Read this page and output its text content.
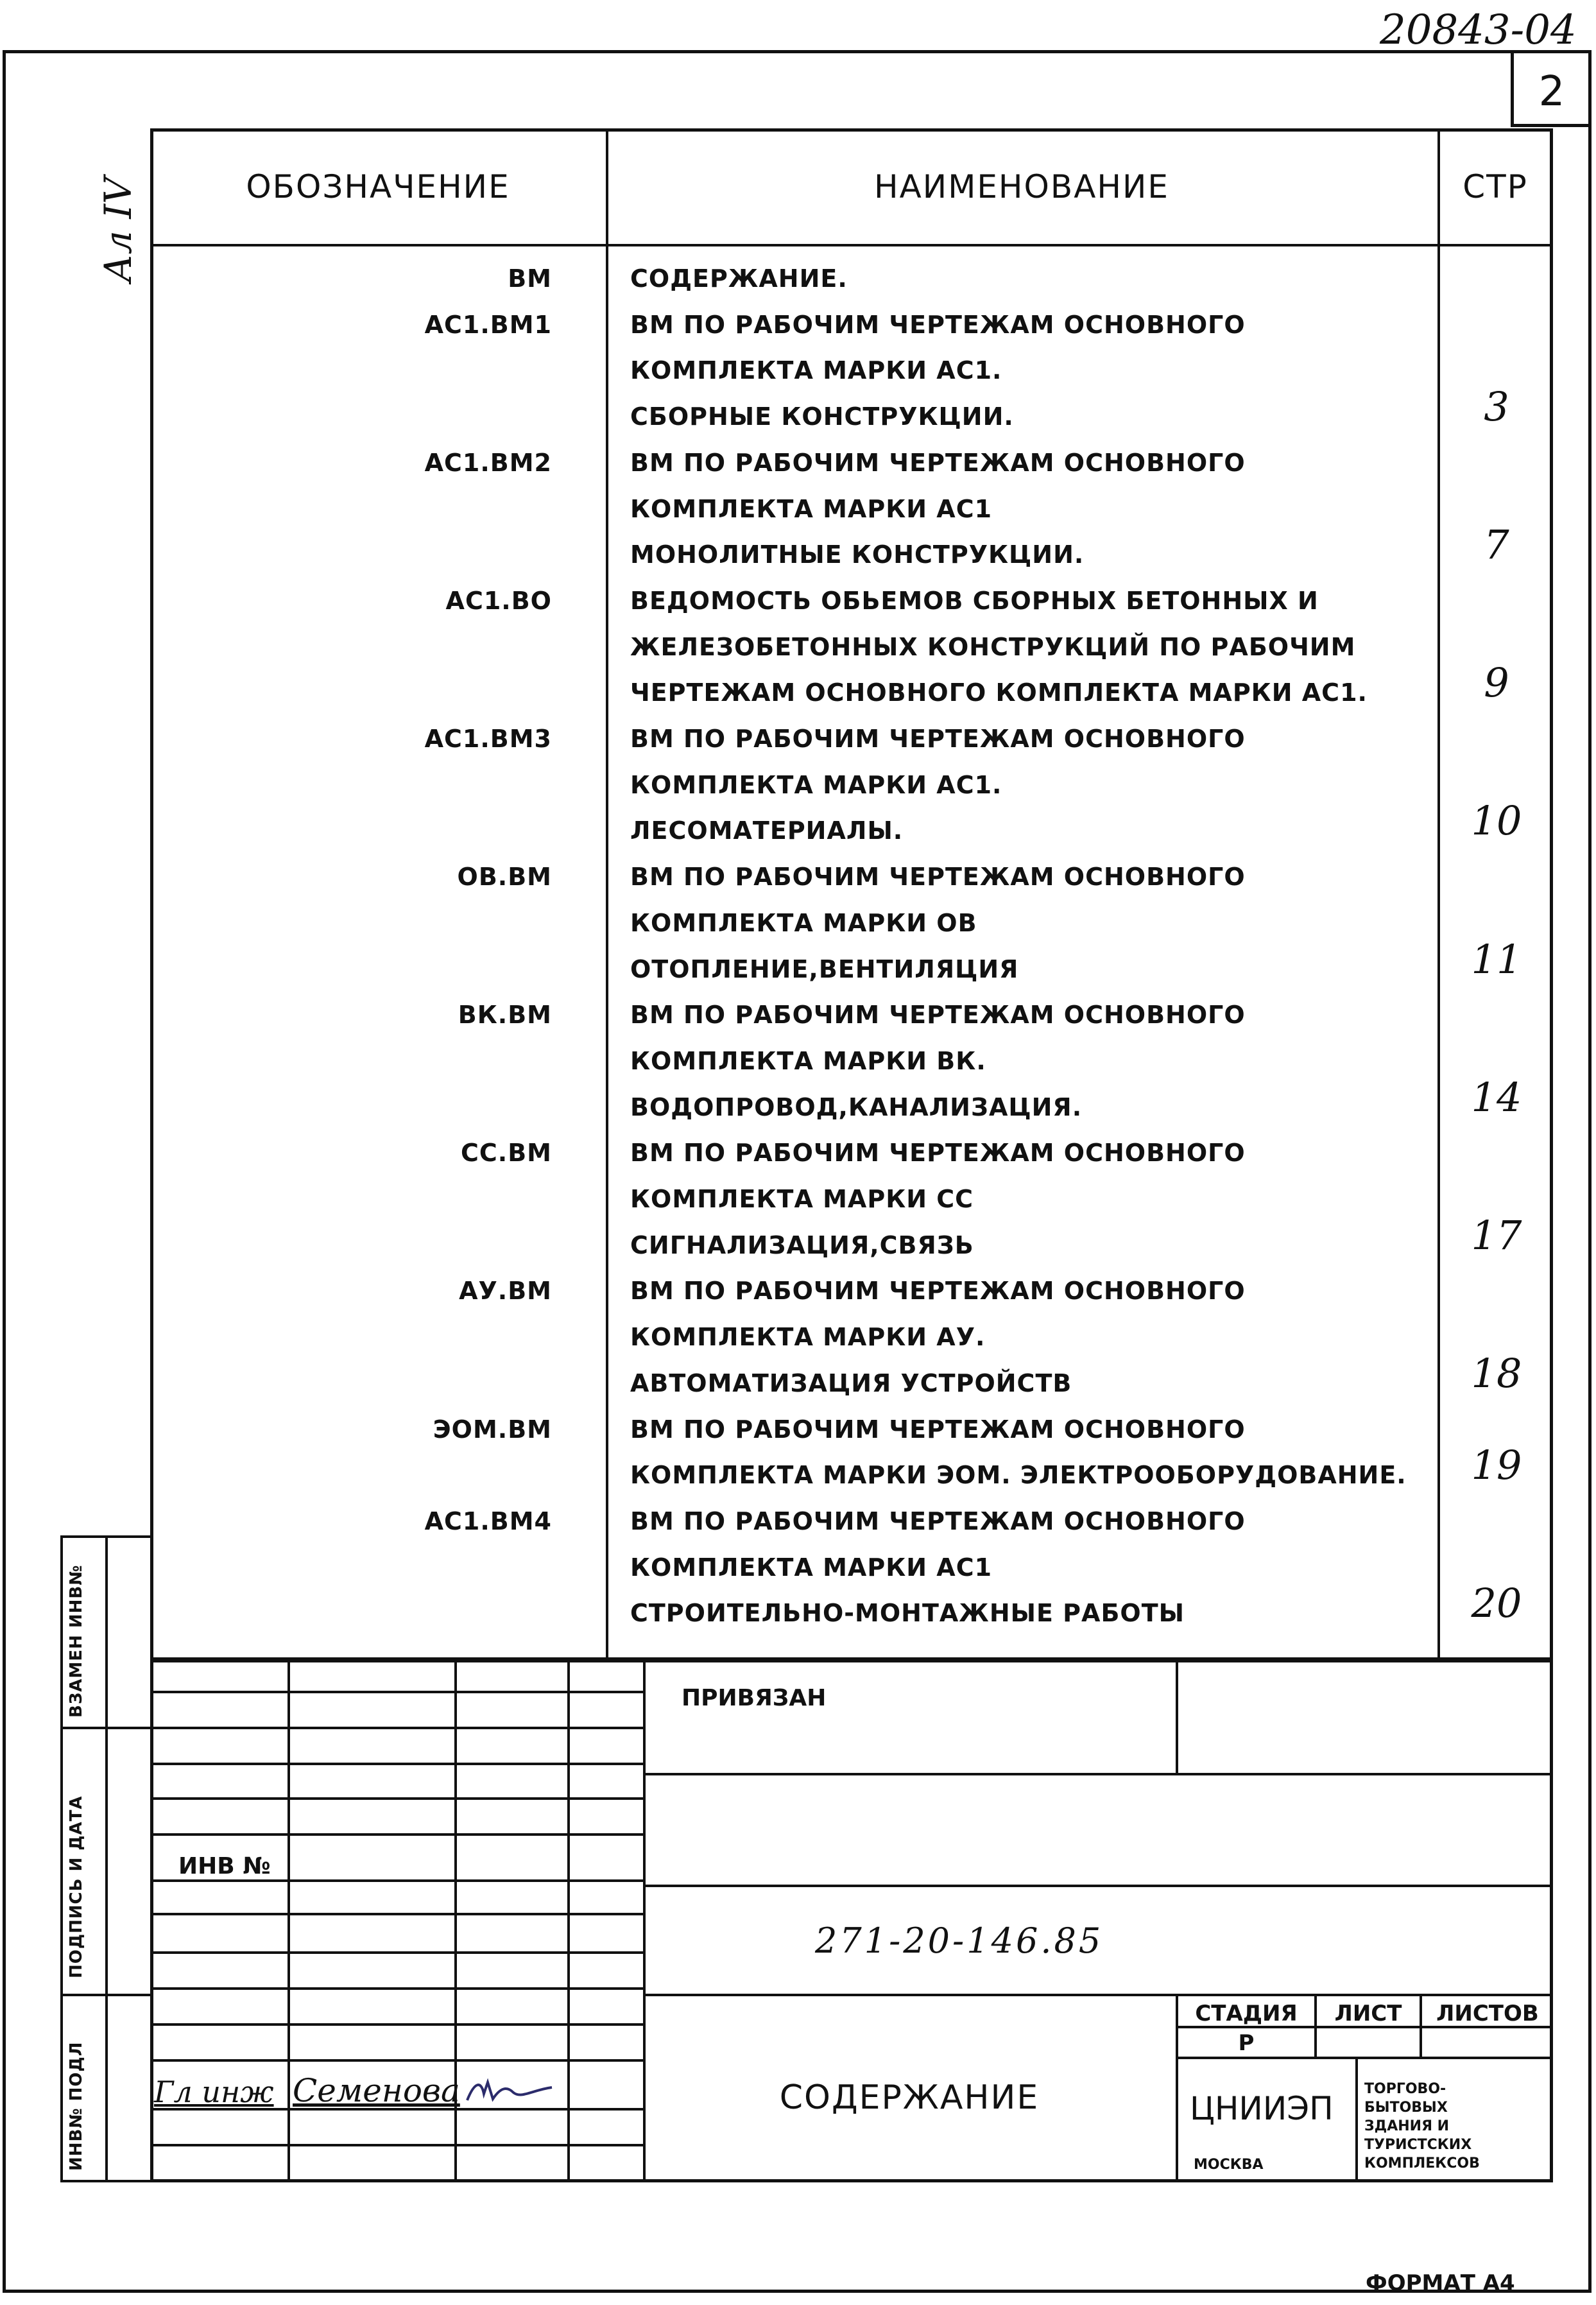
20843-04
2
Ал IV	ОБОЗНАЧЕНИЕ	НАИМЕНОВАНИЕ	СТР
ВМ	СОДЕРЖАНИЕ.
АС1.ВМ1	ВМ ПО РАБОЧИМ ЧЕРТЕЖАМ ОСНОВНОГО
КОМПЛЕКТА МАРКИ АС1.
СБОРНЫЕ КОНСТРУКЦИИ.	3
АС1.ВМ2	ВМ ПО РАБОЧИМ ЧЕРТЕЖАМ ОСНОВНОГО
КОМПЛЕКТА МАРКИ АС1
МОНОЛИТНЫЕ КОНСТРУКЦИИ.	7
АС1.ВО	ВЕДОМОСТЬ ОБЬЕМОВ СБОРНЫХ БЕТОННЫХ И
ЖЕЛЕЗОБЕТОННЫХ КОНСТРУКЦИЙ ПО РАБОЧИМ
ЧЕРТЕЖАМ ОСНОВНОГО КОМПЛЕКТА МАРКИ АС1.	9
АС1.ВМ3	ВМ ПО РАБОЧИМ ЧЕРТЕЖАМ ОСНОВНОГО
КОМПЛЕКТА МАРКИ АС1.
ЛЕСОМАТЕРИАЛЫ.	10
ОВ.ВМ	ВМ ПО РАБОЧИМ ЧЕРТЕЖАМ ОСНОВНОГО
КОМПЛЕКТА МАРКИ ОВ
ОТОПЛЕНИЕ,ВЕНТИЛЯЦИЯ	11
ВК.ВМ	ВМ ПО РАБОЧИМ ЧЕРТЕЖАМ ОСНОВНОГО
КОМПЛЕКТА МАРКИ ВК.
ВОДОПРОВОД,КАНАЛИЗАЦИЯ.	14
СС.ВМ	ВМ ПО РАБОЧИМ ЧЕРТЕЖАМ ОСНОВНОГО
КОМПЛЕКТА МАРКИ СС
СИГНАЛИЗАЦИЯ,СВЯЗЬ	17
АУ.ВМ	ВМ ПО РАБОЧИМ ЧЕРТЕЖАМ ОСНОВНОГО
КОМПЛЕКТА МАРКИ АУ.
АВТОМАТИЗАЦИЯ УСТРОЙСТВ	18
ЭОМ.ВМ	ВМ ПО РАБОЧИМ ЧЕРТЕЖАМ ОСНОВНОГО
КОМПЛЕКТА МАРКИ ЭОМ. ЭЛЕКТРООБОРУДОВАНИЕ.	19
АС1.ВМ4	ВМ ПО РАБОЧИМ ЧЕРТЕЖАМ ОСНОВНОГО
КОМПЛЕКТА МАРКИ АС1
СТРОИТЕЛЬНО-МОНТАЖНЫЕ РАБОТЫ	20
ВЗАМЕН ИНВ№
ПОДПИСЬ И ДАТА
ИНВ№ ПОДЛ
ПРИВЯЗАН
ИНВ №
271-20-146.85
СОДЕРЖАНИЕ
СТАДИЯ	ЛИСТ	ЛИСТОВ
Р
ЦНИИЭП
МОСКВА
ТОРГОВО-
БЫТОВЫХ
ЗДАНИЯ И
ТУРИСТСКИХ
КОМПЛЕКСОВ
Гл инж Семенова
ФОРМАТ А4
